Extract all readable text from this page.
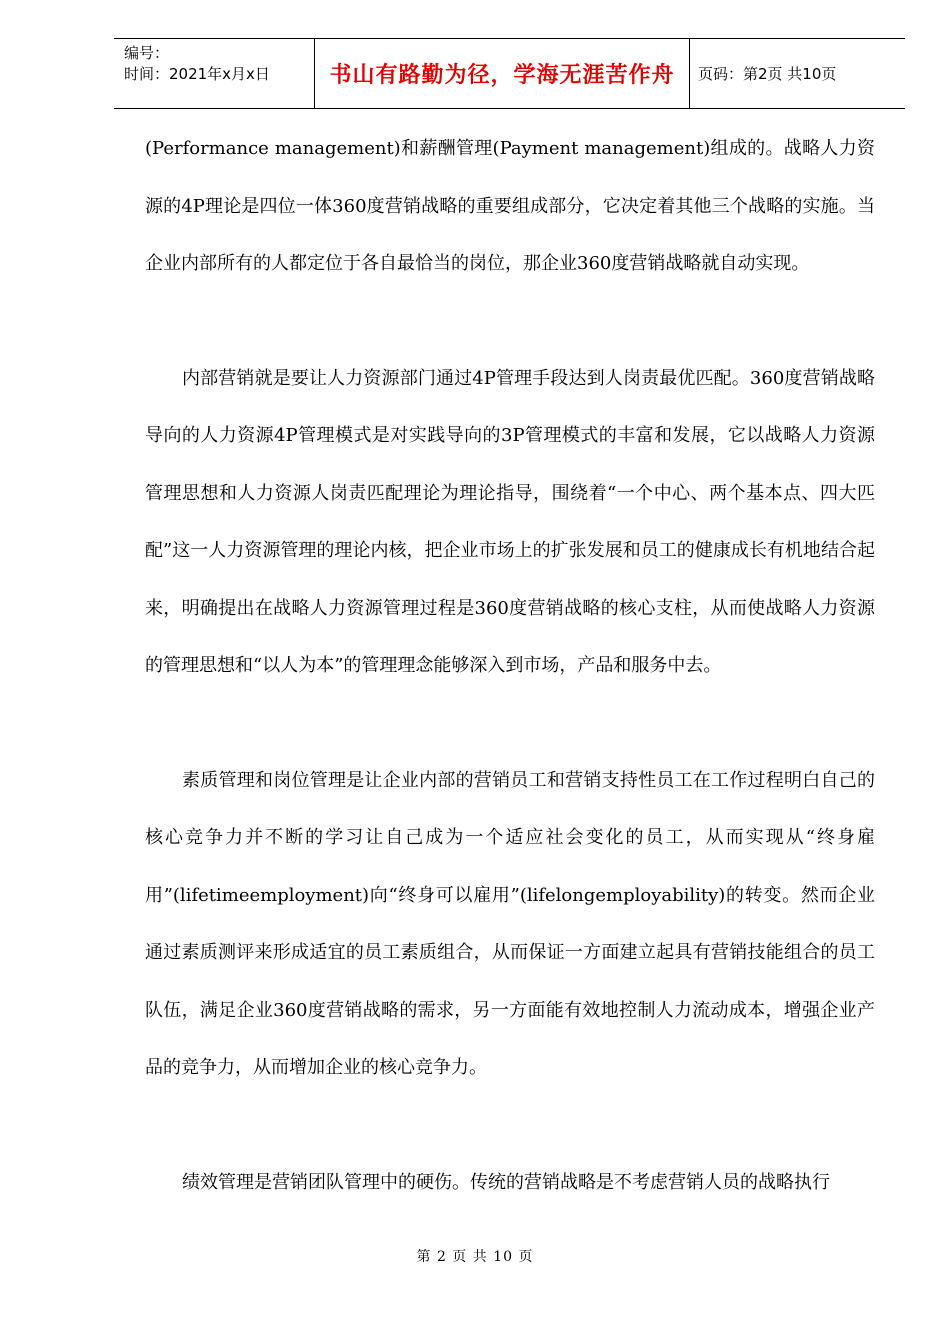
编号：
时间：2021年x月x日	书山有路勤为径，学海无涯苦作舟 页码：第2页 共10页

(Performance management)和薪酬管理(Payment management)组成的。战略人力资源的4P理论是四位一体360度营销战略的重要组成部分，它决定着其他三个战略的实施。当企业内部所有的人都定位于各自最恰当的岗位，那企业360度营销战略就自动实现。

内部营销就是要让人力资源部门通过4P管理手段达到人岗责最优匹配。360度营销战略导向的人力资源4P管理模式是对实践导向的3P管理模式的丰富和发展，它以战略人力资源管理思想和人力资源人岗责匹配理论为理论指导，围绕着“一个中心、两个基本点、四大匹配”这一人力资源管理的理论内核，把企业市场上的扩张发展和员工的健康成长有机地结合起来，明确提出在战略人力资源管理过程是360度营销战略的核心支柱，从而使战略人力资源的管理思想和“以人为本”的管理理念能够深入到市场，产品和服务中去。

素质管理和岗位管理是让企业内部的营销员工和营销支持性员工在工作过程明白自己的核心竞争力并不断的学习让自己成为一个适应社会变化的员工，从而实现从“终身雇用”(lifetimeemployment)向“终身可以雇用”(lifelongemployability)的转变。然而企业通过素质测评来形成适宜的员工素质组合，从而保证一方面建立起具有营销技能组合的员工队伍，满足企业360度营销战略的需求，另一方面能有效地控制人力流动成本，增强企业产品的竞争力，从而增加企业的核心竞争力。

绩效管理是营销团队管理中的硬伤。传统的营销战略是不考虑营销人员的战略执行

第 2 页 共 10 页
